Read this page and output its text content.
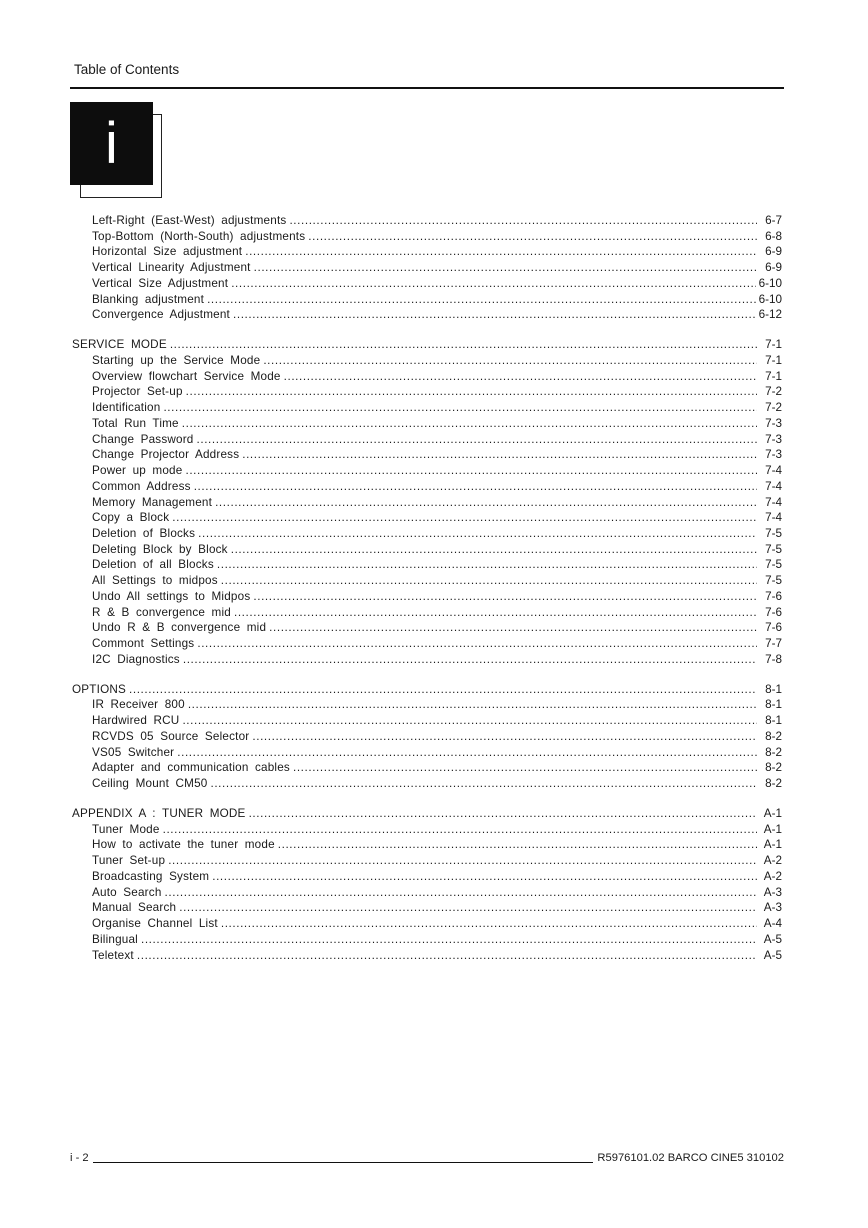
Table of Contents
i
Left-Right (East-West) adjustments .....	6-7
Top-Bottom (North-South) adjustments .....	6-8
Horizontal Size adjustment .....	6-9
Vertical Linearity Adjustment .....	6-9
Vertical Size Adjustment .....	6-10
Blanking adjustment .....	6-10
Convergence Adjustment .....	6-12
SERVICE MODE .....	7-1
Starting up the Service Mode .....	7-1
Overview flowchart Service Mode .....	7-1
Projector Set-up .....	7-2
Identification .....	7-2
Total Run Time .....	7-3
Change Password .....	7-3
Change Projector Address .....	7-3
Power up mode .....	7-4
Common Address .....	7-4
Memory Management .....	7-4
Copy a Block .....	7-4
Deletion of Blocks .....	7-5
Deleting Block by Block .....	7-5
Deletion of all Blocks .....	7-5
All Settings to midpos .....	7-5
Undo All settings to Midpos .....	7-6
R & B convergence mid .....	7-6
Undo R & B convergence mid .....	7-6
Commont Settings .....	7-7
I2C Diagnostics .....	7-8
OPTIONS .....	8-1
IR Receiver 800 .....	8-1
Hardwired RCU .....	8-1
RCVDS 05 Source Selector .....	8-2
VS05 Switcher .....	8-2
Adapter and communication cables .....	8-2
Ceiling Mount CM50 .....	8-2
APPENDIX A : TUNER MODE .....	A-1
Tuner Mode .....	A-1
How to activate the tuner mode .....	A-1
Tuner Set-up .....	A-2
Broadcasting System .....	A-2
Auto Search .....	A-3
Manual Search .....	A-3
Organise Channel List .....	A-4
Bilingual .....	A-5
Teletext .....	A-5
i - 2	R5976101.02 BARCO CINE5 310102
